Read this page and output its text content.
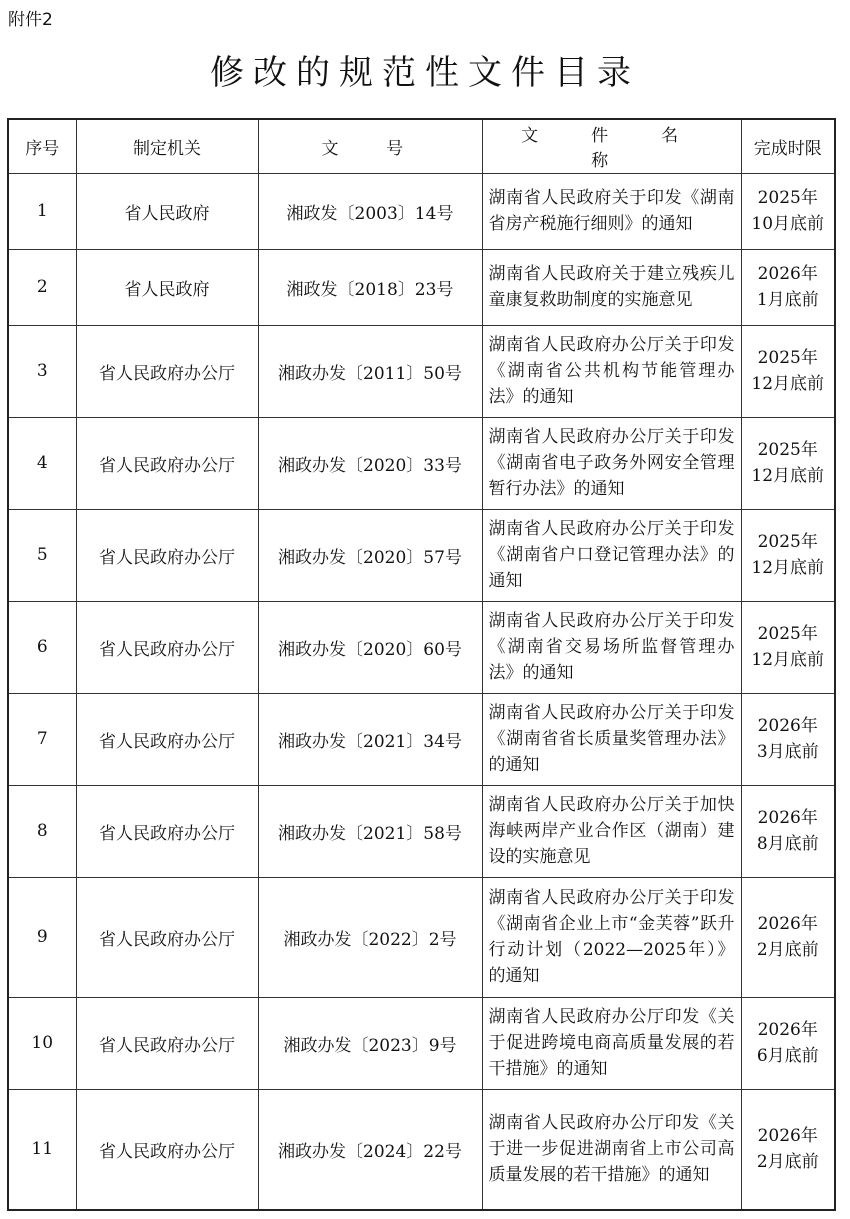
附件2
修改的规范性文件目录
序号	制定机关	文　号	文 件 名 称	完成时限
1	省人民政府	湘政发〔2003〕14号	湖南省人民政府关于印发《湖南省房产税施行细则》的通知	2025年
10月底前

2	省人民政府	湘政发〔2018〕23号	湖南省人民政府关于建立残疾儿童康复救助制度的实施意见	2026年
1月底前

3	省人民政府办公厅	湘政办发〔2011〕50号	湖南省人民政府办公厅关于印发《湖南省公共机构节能管理办法》的通知	2025年
12月底前

4	省人民政府办公厅	湘政办发〔2020〕33号	湖南省人民政府办公厅关于印发《湖南省电子政务外网安全管理暂行办法》的通知	2025年
12月底前

5	省人民政府办公厅	湘政办发〔2020〕57号	湖南省人民政府办公厅关于印发《湖南省户口登记管理办法》的通知	2025年
12月底前

6	省人民政府办公厅	湘政办发〔2020〕60号	湖南省人民政府办公厅关于印发《湖南省交易场所监督管理办法》的通知	2025年
12月底前

7	省人民政府办公厅	湘政办发〔2021〕34号	湖南省人民政府办公厅关于印发《湖南省省长质量奖管理办法》的通知	2026年
3月底前

8	省人民政府办公厅	湘政办发〔2021〕58号	湖南省人民政府办公厅关于加快海峡两岸产业合作区（湖南）建设的实施意见	2026年
8月底前

9	省人民政府办公厅	湘政办发〔2022〕2号	湖南省人民政府办公厅关于印发《湖南省企业上市“金芙蓉”跃升行动计划（2022—2025年）》的通知	2026年
2月底前

10	省人民政府办公厅	湘政办发〔2023〕9号	湖南省人民政府办公厅印发《关于促进跨境电商高质量发展的若干措施》的通知	2026年
6月底前

11	省人民政府办公厅	湘政办发〔2024〕22号	湖南省人民政府办公厅印发《关于进一步促进湖南省上市公司高质量发展的若干措施》的通知	2026年
2月底前
